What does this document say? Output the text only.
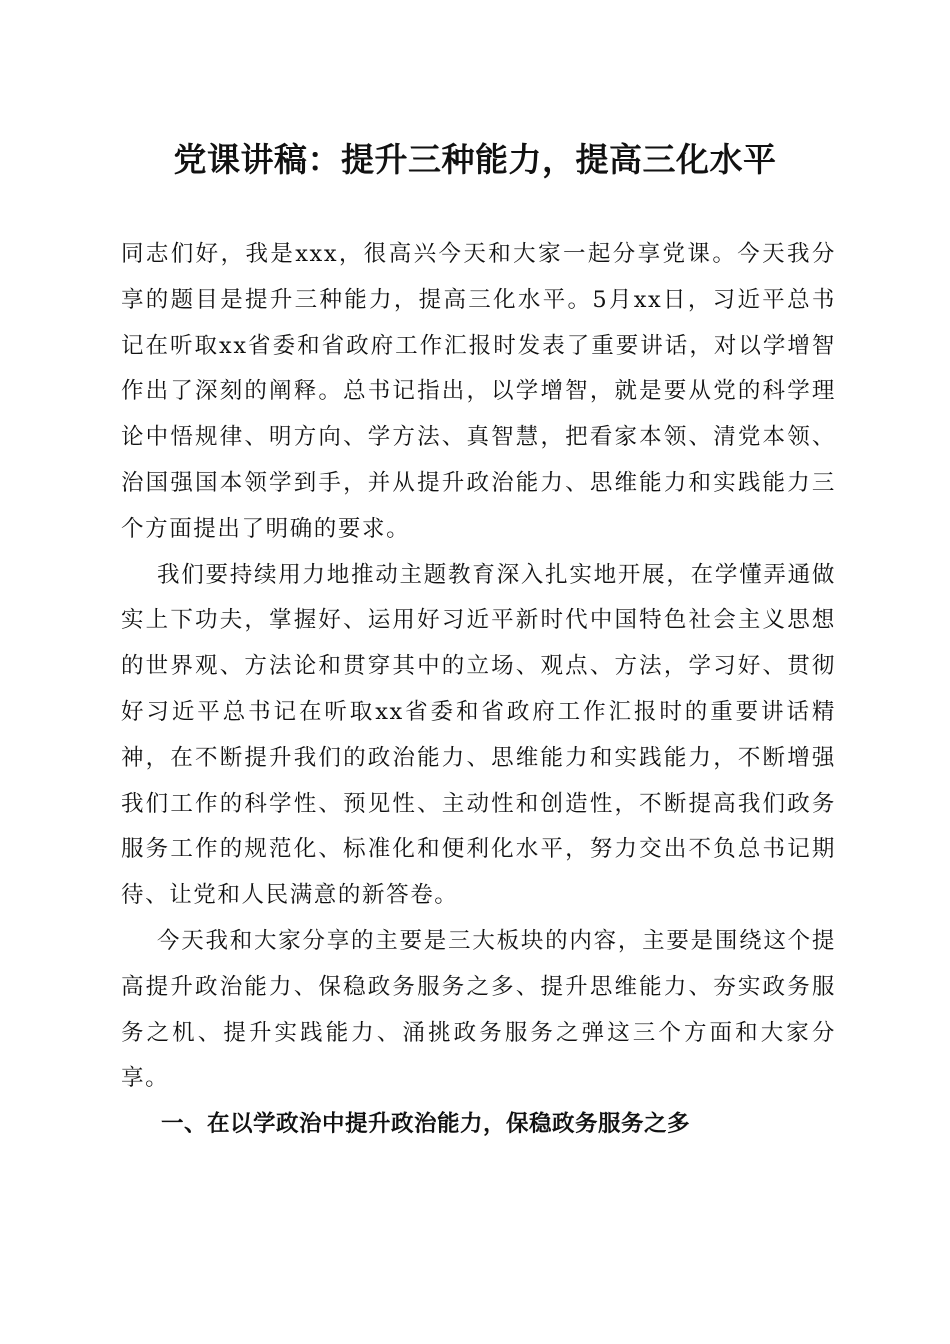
党课讲稿：提升三种能力，提高三化水平

同志们好，我是xxx，很高兴今天和大家一起分享党课。今天我分享的题目是提升三种能力，提高三化水平。5月xx日，习近平总书记在听取xx省委和省政府工作汇报时发表了重要讲话，对以学增智作出了深刻的阐释。总书记指出，以学增智，就是要从党的科学理论中悟规律、明方向、学方法、真智慧，把看家本领、清党本领、治国强国本领学到手，并从提升政治能力、思维能力和实践能力三个方面提出了明确的要求。

我们要持续用力地推动主题教育深入扎实地开展，在学懂弄通做实上下功夫，掌握好、运用好习近平新时代中国特色社会主义思想的世界观、方法论和贯穿其中的立场、观点、方法，学习好、贯彻好习近平总书记在听取xx省委和省政府工作汇报时的重要讲话精神，在不断提升我们的政治能力、思维能力和实践能力，不断增强我们工作的科学性、预见性、主动性和创造性，不断提高我们政务服务工作的规范化、标准化和便利化水平，努力交出不负总书记期待、让党和人民满意的新答卷。

今天我和大家分享的主要是三大板块的内容，主要是围绕这个提高提升政治能力、保稳政务服务之多、提升思维能力、夯实政务服务之机、提升实践能力、涌挑政务服务之弹这三个方面和大家分享。

一、在以学政治中提升政治能力，保稳政务服务之多
